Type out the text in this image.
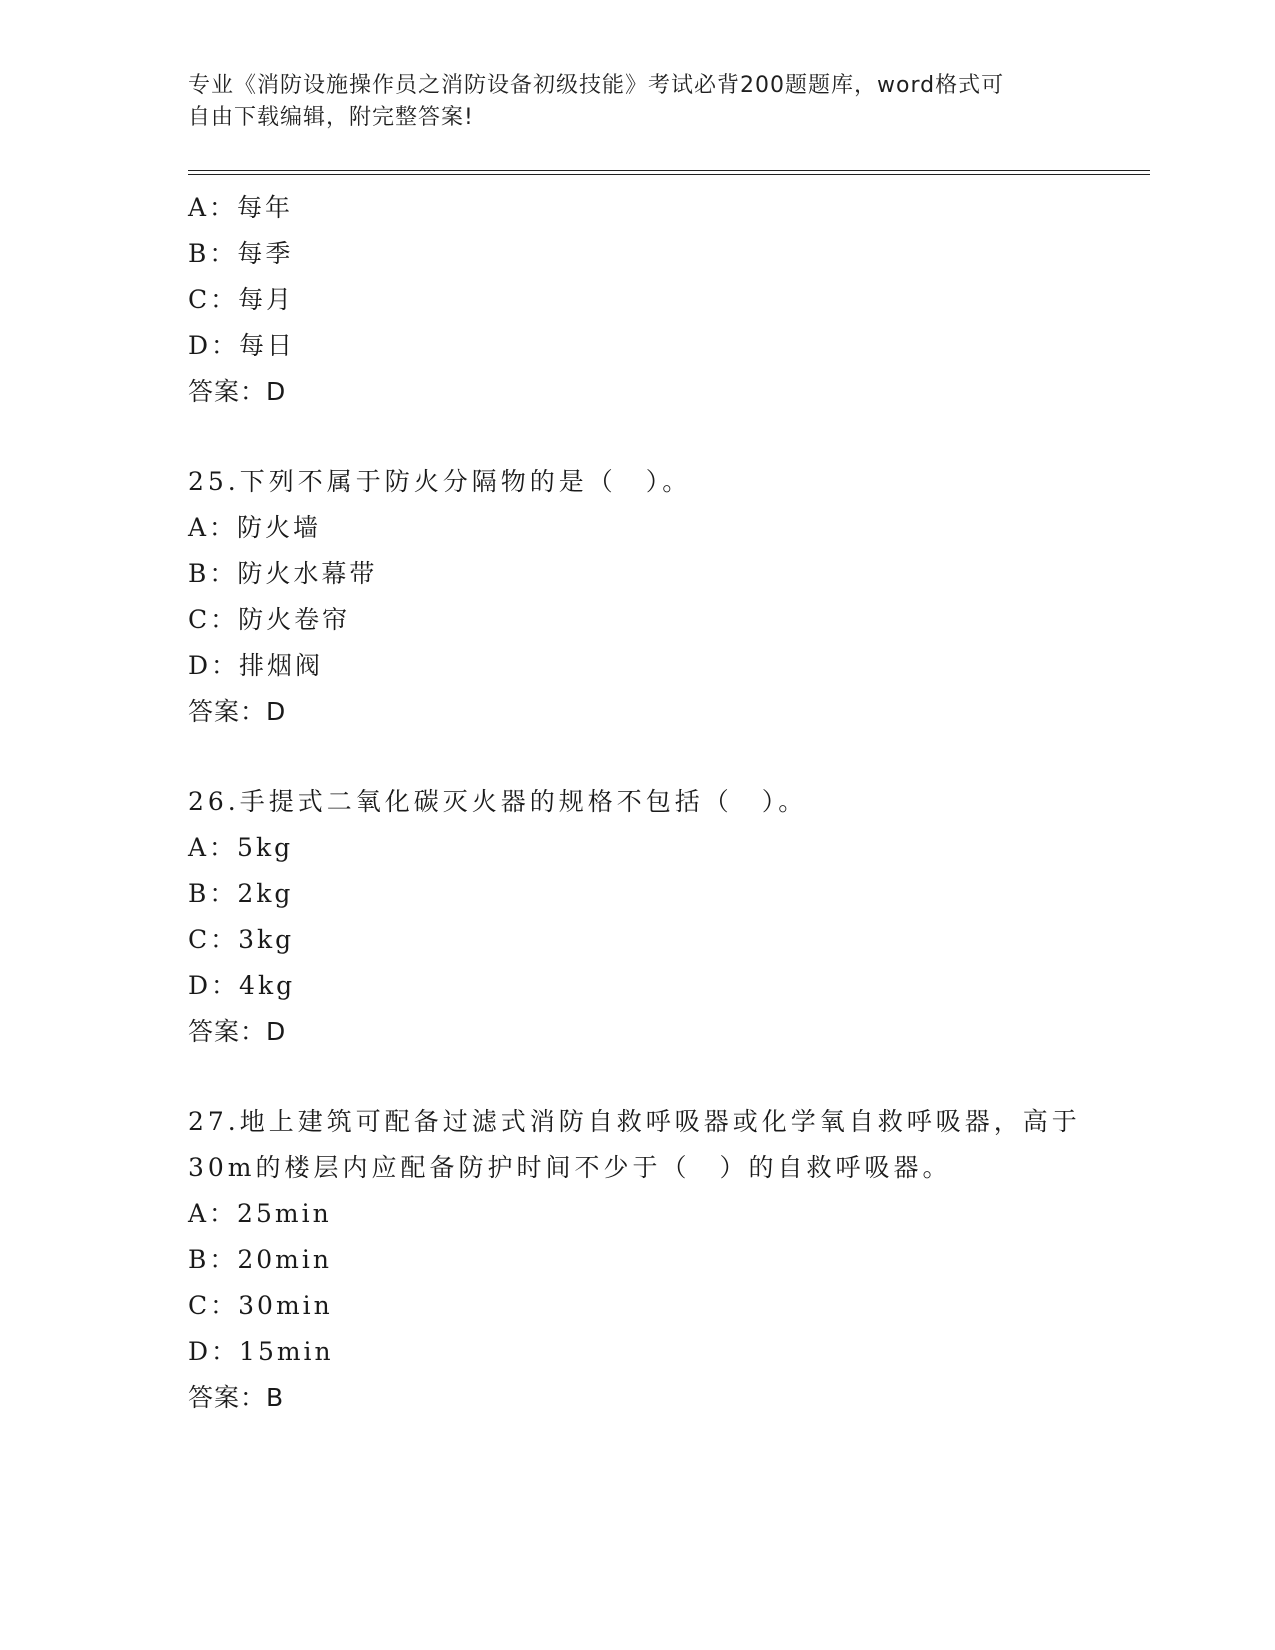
专业《消防设施操作员之消防设备初级技能》考试必背200题题库，word格式可
自由下载编辑，附完整答案!
A：每年
B：每季
C：每月
D：每日
答案：D
25.下列不属于防火分隔物的是（　）。
A：防火墙
B：防火水幕带
C：防火卷帘
D：排烟阀
答案：D
26.手提式二氧化碳灭火器的规格不包括（　）。
A：5kg
B：2kg
C：3kg
D：4kg
答案：D
27.地上建筑可配备过滤式消防自救呼吸器或化学氧自救呼吸器，高于30m的楼层内应配备防护时间不少于（　）的自救呼吸器。
A：25min
B：20min
C：30min
D：15min
答案：B
